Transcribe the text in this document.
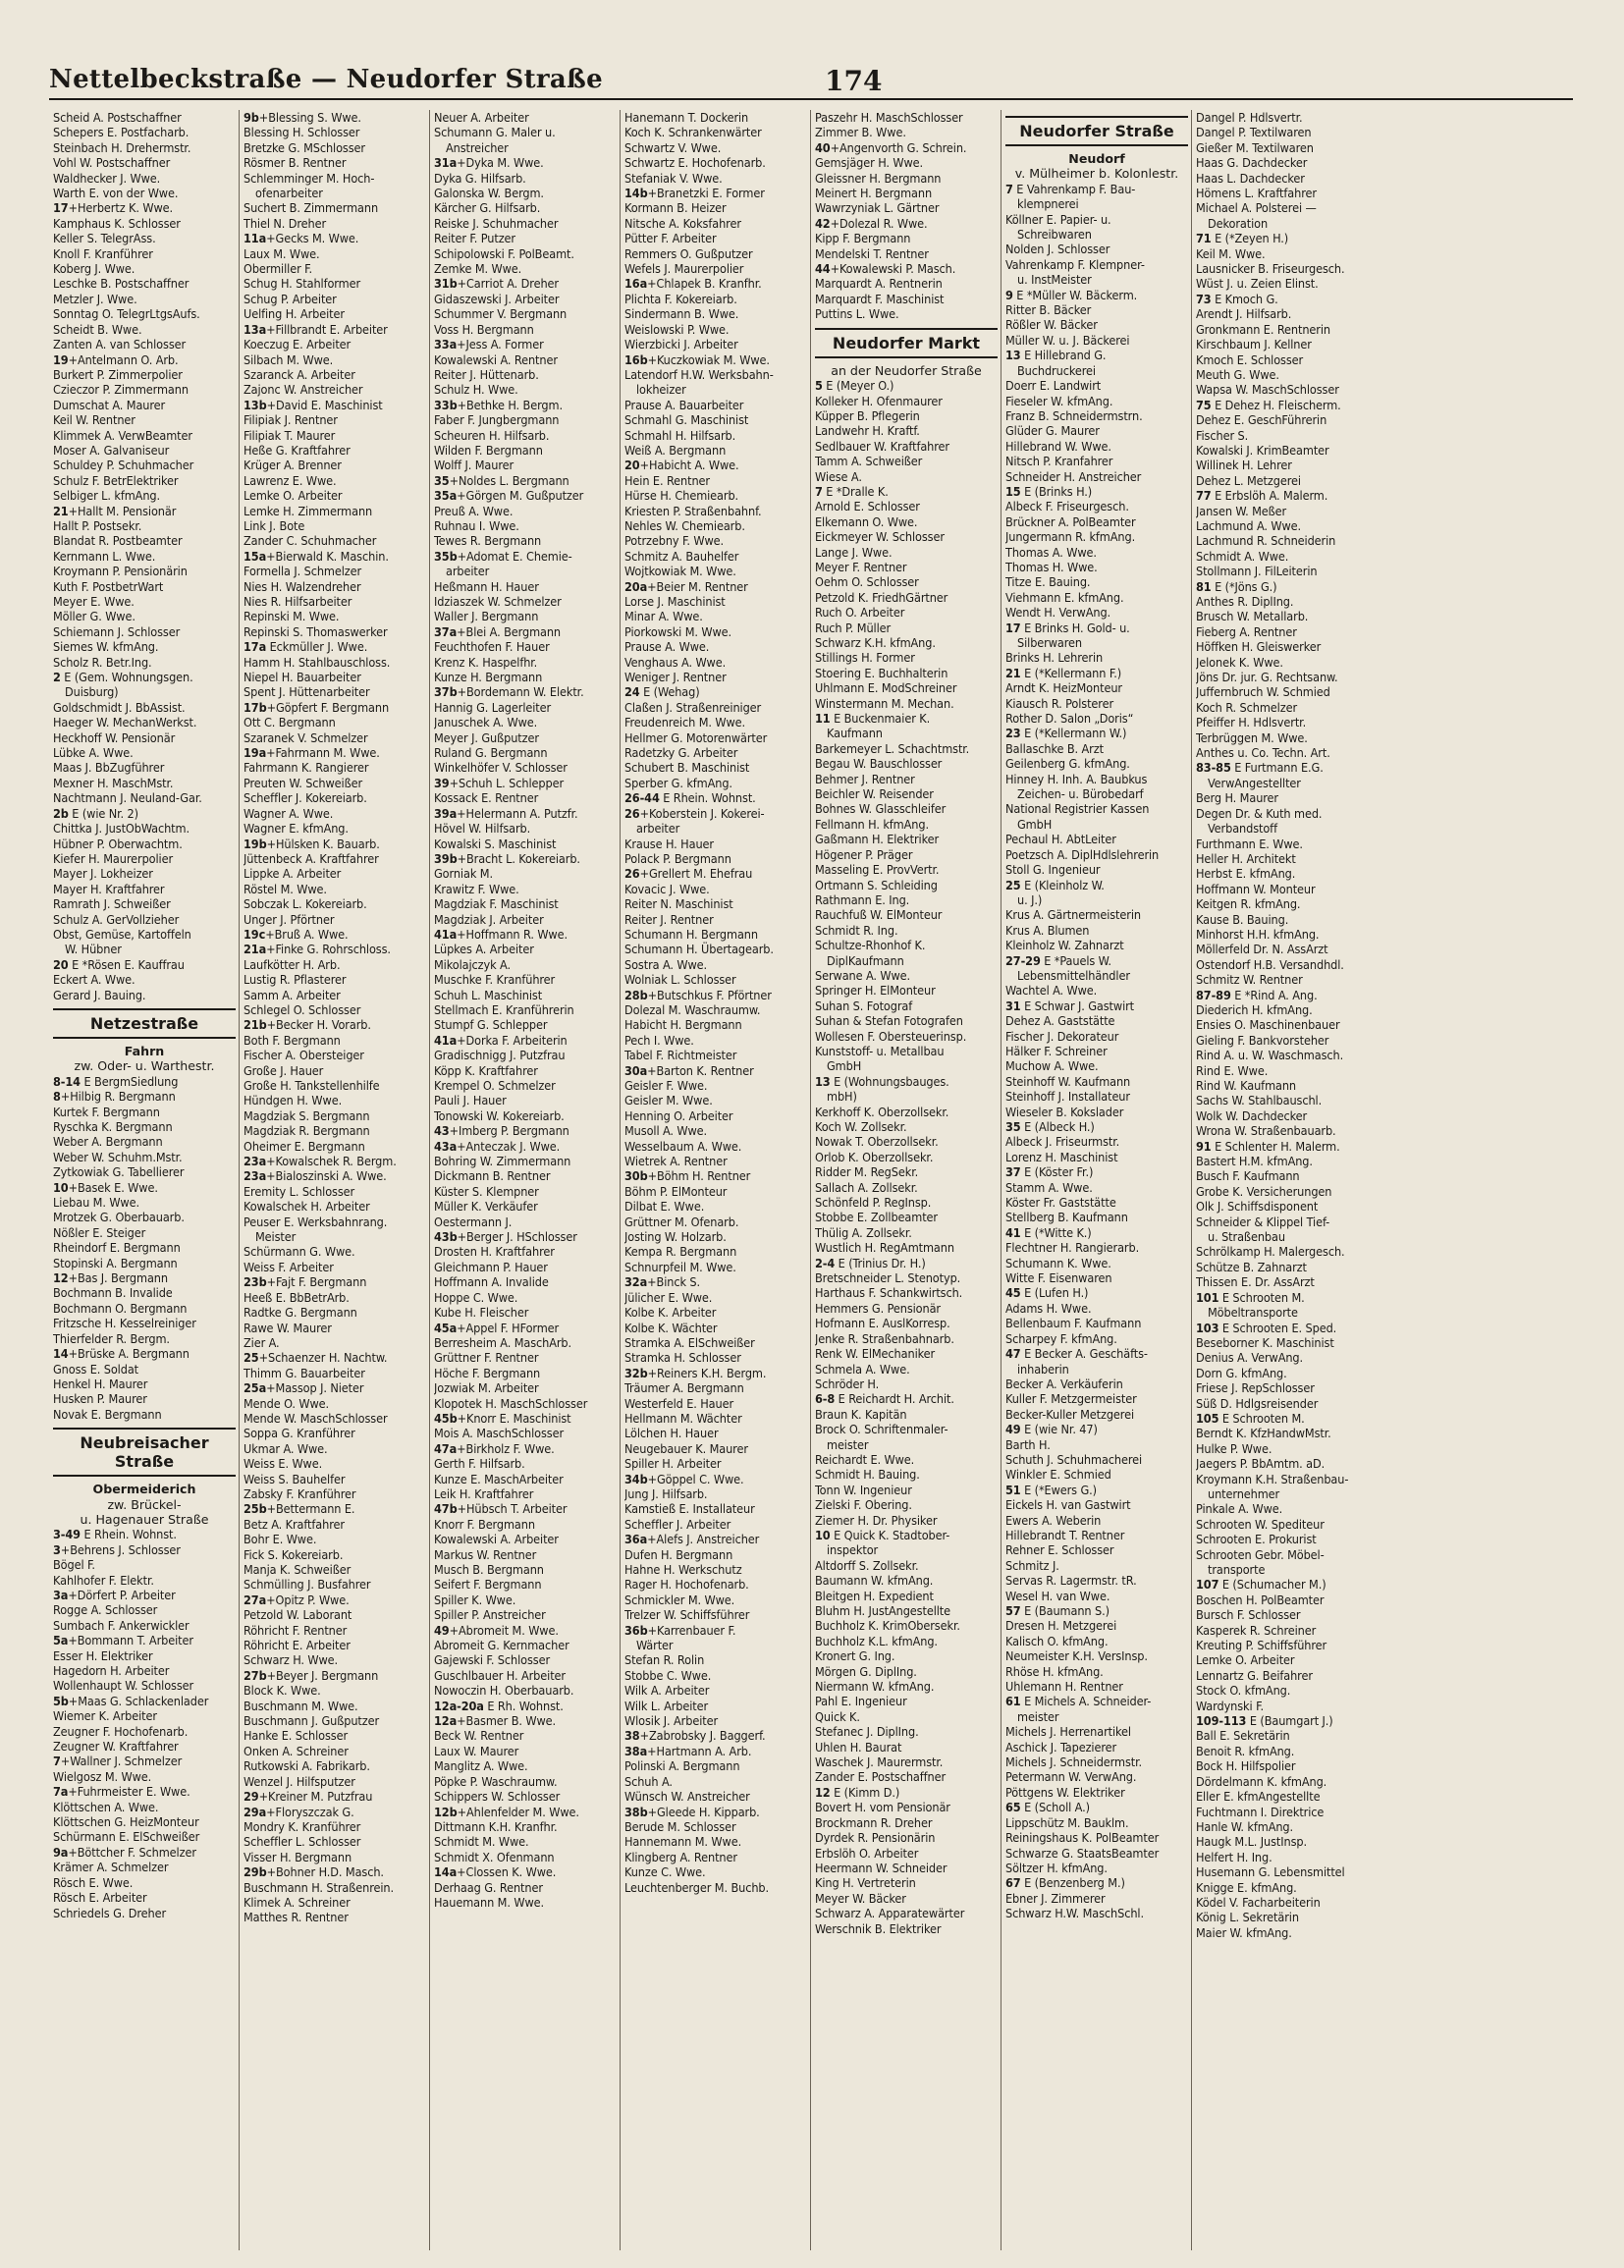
Nettelbeckstraße — Neudorfer Straße	174
Scheid A. Postschaffner
Schepers E. Postfacharb.
Steinbach H. Drehermstr.
Vohl W. Postschaffner
Waldhecker J. Wwe.
Warth E. von der Wwe.
17+Herbertz K. Wwe.
Kamphaus K. Schlosser
Keller S. TelegrAss.
Knoll F. Kranführer
Koberg J. Wwe.
Leschke B. Postschaffner
Metzler J. Wwe.
Sonntag O. TelegrLtgsAufs.
Scheidt B. Wwe.
Zanten A. van Schlosser
19+Antelmann O. Arb.
Burkert P. Zimmerpolier
Czieczor P. Zimmermann
Dumschat A. Maurer
Keil W. Rentner
Klimmek A. VerwBeamter
Moser A. Galvaniseur
Schuldey P. Schuhmacher
Schulz F. BetrElektriker
Selbiger L. kfmAng.
21+Hallt M. Pensionär
Hallt P. Postsekr.
Blandat R. Postbeamter
Kernmann L. Wwe.
Kroymann P. Pensionärin
Kuth F. PostbetrWart
Meyer E. Wwe.
Möller G. Wwe.
Schiemann J. Schlosser
Siemes W. kfmAng.
Scholz R. Betr.Ing.
2 E (Gem. Wohnungsgen.
Duisburg)
Goldschmidt J. BbAssist.
Haeger W. MechanWerkst.
Heckhoff W. Pensionär
Lübke A. Wwe.
Maas J. BbZugführer
Mexner H. MaschMstr.
Nachtmann J. Neuland-Gar.
2b E (wie Nr. 2)
Chittka J. JustObWachtm.
Hübner P. Oberwachtm.
Kiefer H. Maurerpolier
Mayer J. Lokheizer
Mayer H. Kraftfahrer
Ramrath J. Schweißer
Schulz A. GerVollzieher
Obst, Gemüse, Kartoffeln
W. Hübner
20 E *Rösen E. Kauffrau
Eckert A. Wwe.
Gerard J. Bauing.
Netzestraße
Fahrn
zw. Oder- u. Warthestr.
8-14 E BergmSiedlung
8+Hilbig R. Bergmann
Kurtek F. Bergmann
Ryschka K. Bergmann
Weber A. Bergmann
Weber W. Schuhm.Mstr.
Zytkowiak G. Tabellierer
10+Basek E. Wwe.
Liebau M. Wwe.
Mrotzek G. Oberbauarb.
Nößler E. Steiger
Rheindorf E. Bergmann
Stopinski A. Bergmann
12+Bas J. Bergmann
Bochmann B. Invalide
Bochmann O. Bergmann
Fritzsche H. Kesselreiniger
Thierfelder R. Bergm.
14+Brüske A. Bergmann
Gnoss E. Soldat
Henkel H. Maurer
Husken P. Maurer
Novak E. Bergmann
Neubreisacher Straße
Obermeiderich
zw. Brückel-
u. Hagenauer Straße
3-49 E Rhein. Wohnst.
3+Behrens J. Schlosser
Bögel F.
Kahlhofer F. Elektr.
3a+Dörfert P. Arbeiter
Rogge A. Schlosser
Sumbach F. Ankerwickler
5a+Bommann T. Arbeiter
Esser H. Elektriker
Hagedorn H. Arbeiter
Wollenhaupt W. Schlosser
5b+Maas G. Schlackenlader
Wiemer K. Arbeiter
Zeugner F. Hochofenarb.
Zeugner W. Kraftfahrer
7+Wallner J. Schmelzer
Wielgosz M. Wwe.
7a+Fuhrmeister E. Wwe.
Klöttschen A. Wwe.
Klöttschen G. HeizMonteur
Schürmann E. ElSchweißer
9a+Böttcher F. Schmelzer
Krämer A. Schmelzer
Rösch E. Wwe.
Rösch E. Arbeiter
Schriedels G. Dreher
9b+Blessing S. Wwe.
Blessing H. Schlosser
Bretzke G. MSchlosser
Rösmer B. Rentner
Schlemminger M. Hoch-
ofenarbeiter
Suchert B. Zimmermann
Thiel N. Dreher
11a+Gecks M. Wwe.
Laux M. Wwe.
Obermiller F.
Schug H. Stahlformer
Schug P. Arbeiter
Uelfing H. Arbeiter
13a+Fillbrandt E. Arbeiter
Koeczug E. Arbeiter
Silbach M. Wwe.
Szaranck A. Arbeiter
Zajonc W. Anstreicher
13b+David E. Maschinist
Filipiak J. Rentner
Filipiak T. Maurer
Heße G. Kraftfahrer
Krüger A. Brenner
Lawrenz E. Wwe.
Lemke O. Arbeiter
Lemke H. Zimmermann
Link J. Bote
Zander C. Schuhmacher
15a+Bierwald K. Maschin.
Formella J. Schmelzer
Nies H. Walzendreher
Nies R. Hilfsarbeiter
Repinski M. Wwe.
Repinski S. Thomaswerker
17a Eckmüller J. Wwe.
Hamm H. Stahlbauschloss.
Niepel H. Bauarbeiter
Spent J. Hüttenarbeiter
17b+Göpfert F. Bergmann
Ott C. Bergmann
Szaranek V. Schmelzer
19a+Fahrmann M. Wwe.
Fahrmann K. Rangierer
Preuten W. Schweißer
Scheffler J. Kokereiarb.
Wagner A. Wwe.
Wagner E. kfmAng.
19b+Hülsken K. Bauarb.
Jüttenbeck A. Kraftfahrer
Lippke A. Arbeiter
Röstel M. Wwe.
Sobczak L. Kokereiarb.
Unger J. Pförtner
19c+Bruß A. Wwe.
21a+Finke G. Rohrschloss.
Laufkötter H. Arb.
Lustig R. Pflasterer
Samm A. Arbeiter
Schlegel O. Schlosser
21b+Becker H. Vorarb.
Both F. Bergmann
Fischer A. Obersteiger
Große J. Hauer
Große H. Tankstellenhilfe
Hündgen H. Wwe.
Magdziak S. Bergmann
Magdziak R. Bergmann
Oheimer E. Bergmann
23a+Kowalschek R. Bergm.
23a+Bialoszinski A. Wwe.
Eremity L. Schlosser
Kowalschek H. Arbeiter
Peuser E. Werksbahnrang.
Meister
Schürmann G. Wwe.
Weiss F. Arbeiter
23b+Fajt F. Bergmann
Heeß E. BbBetrArb.
Radtke G. Bergmann
Rawe W. Maurer
Zier A.
25+Schaenzer H. Nachtw.
Thimm G. Bauarbeiter
25a+Massop J. Nieter
Mende O. Wwe.
Mende W. MaschSchlosser
Soppa G. Kranführer
Ukmar A. Wwe.
Weiss E. Wwe.
Weiss S. Bauhelfer
Zabsky F. Kranführer
25b+Bettermann E.
Betz A. Kraftfahrer
Bohr E. Wwe.
Fick S. Kokereiarb.
Manja K. Schweißer
Schmülling J. Busfahrer
27a+Opitz P. Wwe.
Petzold W. Laborant
Röhricht F. Rentner
Röhricht E. Arbeiter
Schwarz H. Wwe.
27b+Beyer J. Bergmann
Block K. Wwe.
Buschmann M. Wwe.
Buschmann J. Gußputzer
Hanke E. Schlosser
Onken A. Schreiner
Rutkowski A. Fabrikarb.
Wenzel J. Hilfsputzer
29+Kreiner M. Putzfrau
29a+Floryszczak G.
Mondry K. Kranführer
Scheffler L. Schlosser
Visser H. Bergmann
29b+Bohner H.D. Masch.
Buschmann H. Straßenrein.
Klimek A. Schreiner
Matthes R. Rentner
Neuer A. Arbeiter
Schumann G. Maler u.
Anstreicher
31a+Dyka M. Wwe.
Dyka G. Hilfsarb.
Galonska W. Bergm.
Kärcher G. Hilfsarb.
Reiske J. Schuhmacher
Reiter F. Putzer
Schipolowski F. PolBeamt.
Zemke M. Wwe.
31b+Carriot A. Dreher
Gidaszewski J. Arbeiter
Schummer V. Bergmann
Voss H. Bergmann
33a+Jess A. Former
Kowalewski A. Rentner
Reiter J. Hüttenarb.
Schulz H. Wwe.
33b+Bethke H. Bergm.
Faber F. Jungbergmann
Scheuren H. Hilfsarb.
Wilden F. Bergmann
Wolff J. Maurer
35+Noldes L. Bergmann
35a+Görgen M. Gußputzer
Preuß A. Wwe.
Ruhnau I. Wwe.
Tewes R. Bergmann
35b+Adomat E. Chemie-
arbeiter
Heßmann H. Hauer
Idziaszek W. Schmelzer
Waller J. Bergmann
37a+Blei A. Bergmann
Feuchthofen F. Hauer
Krenz K. Haspelfhr.
Kunze H. Bergmann
37b+Bordemann W. Elektr.
Hannig G. Lagerleiter
Januschek A. Wwe.
Meyer J. Gußputzer
Ruland G. Bergmann
Winkelhöfer V. Schlosser
39+Schuh L. Schlepper
Kossack E. Rentner
39a+Helermann A. Putzfr.
Hövel W. Hilfsarb.
Kowalski S. Maschinist
39b+Bracht L. Kokereiarb.
Gorniak M.
Krawitz F. Wwe.
Magdziak F. Maschinist
Magdziak J. Arbeiter
41a+Hoffmann R. Wwe.
Lüpkes A. Arbeiter
Mikolajczyk A.
Muschke F. Kranführer
Schuh L. Maschinist
Stellmach E. Kranführerin
Stumpf G. Schlepper
41a+Dorka F. Arbeiterin
Gradischnigg J. Putzfrau
Köpp K. Kraftfahrer
Krempel O. Schmelzer
Pauli J. Hauer
Tonowski W. Kokereiarb.
43+Imberg P. Bergmann
43a+Anteczak J. Wwe.
Bohring W. Zimmermann
Dickmann B. Rentner
Küster S. Klempner
Müller K. Verkäufer
Oestermann J.
43b+Berger J. HSchlosser
Drosten H. Kraftfahrer
Gleichmann P. Hauer
Hoffmann A. Invalide
Hoppe C. Wwe.
Kube H. Fleischer
45a+Appel F. HFormer
Berresheim A. MaschArb.
Grüttner F. Rentner
Höche F. Bergmann
Jozwiak M. Arbeiter
Klopotek H. MaschSchlosser
45b+Knorr E. Maschinist
Mois A. MaschSchlosser
47a+Birkholz F. Wwe.
Gerth F. Hilfsarb.
Kunze E. MaschArbeiter
Leik H. Kraftfahrer
47b+Hübsch T. Arbeiter
Knorr F. Bergmann
Kowalewski A. Arbeiter
Markus W. Rentner
Musch B. Bergmann
Seifert F. Bergmann
Spiller K. Wwe.
Spiller P. Anstreicher
49+Abromeit M. Wwe.
Abromeit G. Kernmacher
Gajewski F. Schlosser
Guschlbauer H. Arbeiter
Nowoczin H. Oberbauarb.
12a-20a E Rh. Wohnst.
12a+Basmer B. Wwe.
Beck W. Rentner
Laux W. Maurer
Manglitz A. Wwe.
Pöpke P. Waschraumw.
Schippers W. Schlosser
12b+Ahlenfelder M. Wwe.
Dittmann K.H. Kranfhr.
Schmidt M. Wwe.
Schmidt X. Ofenmann
14a+Clossen K. Wwe.
Derhaag G. Rentner
Hauemann M. Wwe.
Hanemann T. Dockerin
Koch K. Schrankenwärter
Schwartz V. Wwe.
Schwartz E. Hochofenarb.
Stefaniak V. Wwe.
14b+Branetzki E. Former
Kormann B. Heizer
Nitsche A. Koksfahrer
Pütter F. Arbeiter
Remmers O. Gußputzer
Wefels J. Maurerpolier
16a+Chlapek B. Kranfhr.
Plichta F. Kokereiarb.
Sindermann B. Wwe.
Weislowski P. Wwe.
Wierzbicki J. Arbeiter
16b+Kuczkowiak M. Wwe.
Latendorf H.W. Werksbahn-
lokheizer
Prause A. Bauarbeiter
Schmahl G. Maschinist
Schmahl H. Hilfsarb.
Weiß A. Bergmann
20+Habicht A. Wwe.
Hein E. Rentner
Hürse H. Chemiearb.
Kriesten P. Straßenbahnf.
Nehles W. Chemiearb.
Potrzebny F. Wwe.
Schmitz A. Bauhelfer
Wojtkowiak M. Wwe.
20a+Beier M. Rentner
Lorse J. Maschinist
Minar A. Wwe.
Piorkowski M. Wwe.
Prause A. Wwe.
Venghaus A. Wwe.
Weniger J. Rentner
24 E (Wehag)
Claßen J. Straßenreiniger
Freudenreich M. Wwe.
Hellmer G. Motorenwärter
Radetzky G. Arbeiter
Schubert B. Maschinist
Sperber G. kfmAng.
26-44 E Rhein. Wohnst.
26+Koberstein J. Kokerei-
arbeiter
Krause H. Hauer
Polack P. Bergmann
26+Grellert M. Ehefrau
Kovacic J. Wwe.
Reiter N. Maschinist
Reiter J. Rentner
Schumann H. Bergmann
Schumann H. Übertagearb.
Sostra A. Wwe.
Wolniak L. Schlosser
28b+Butschkus F. Pförtner
Dolezal M. Waschraumw.
Habicht H. Bergmann
Pech I. Wwe.
Tabel F. Richtmeister
30a+Barton K. Rentner
Geisler F. Wwe.
Geisler M. Wwe.
Henning O. Arbeiter
Musoll A. Wwe.
Wesselbaum A. Wwe.
Wietrek A. Rentner
30b+Böhm H. Rentner
Böhm P. ElMonteur
Dilbat E. Wwe.
Grüttner M. Ofenarb.
Josting W. Holzarb.
Kempa R. Bergmann
Schnurpfeil M. Wwe.
32a+Binck S.
Jülicher E. Wwe.
Kolbe K. Arbeiter
Kolbe K. Wächter
Stramka A. ElSchweißer
Stramka H. Schlosser
32b+Reiners K.H. Bergm.
Träumer A. Bergmann
Westerfeld E. Hauer
Hellmann M. Wächter
Lölchen H. Hauer
Neugebauer K. Maurer
Spiller H. Arbeiter
34b+Göppel C. Wwe.
Jung J. Hilfsarb.
Kamstieß E. Installateur
Scheffler J. Arbeiter
36a+Alefs J. Anstreicher
Dufen H. Bergmann
Hahne H. Werkschutz
Rager H. Hochofenarb.
Schmickler M. Wwe.
Trelzer W. Schiffsführer
36b+Karrenbauer F.
Wärter
Stefan R. Rolin
Stobbe C. Wwe.
Wilk A. Arbeiter
Wilk L. Arbeiter
Wlosik J. Arbeiter
38+Zabrobsky J. Baggerf.
38a+Hartmann A. Arb.
Polinski A. Bergmann
Schuh A.
Wünsch W. Anstreicher
38b+Gleede H. Kipparb.
Berude M. Schlosser
Hannemann M. Wwe.
Klingberg A. Rentner
Kunze C. Wwe.
Leuchtenberger M. Buchb.
Paszehr H. MaschSchlosser
Zimmer B. Wwe.
40+Angenvorth G. Schrein.
Gemsjäger H. Wwe.
Gleissner H. Bergmann
Meinert H. Bergmann
Wawrzyniak L. Gärtner
42+Dolezal R. Wwe.
Kipp F. Bergmann
Mendelski T. Rentner
44+Kowalewski P. Masch.
Marquardt A. Rentnerin
Marquardt F. Maschinist
Puttins L. Wwe.
Neudorfer Markt
an der Neudorfer Straße
5 E (Meyer O.)
Kolleker H. Ofenmaurer
Küpper B. Pflegerin
Landwehr H. Kraftf.
Sedlbauer W. Kraftfahrer
Tamm A. Schweißer
Wiese A.
7 E *Dralle K.
Arnold E. Schlosser
Elkemann O. Wwe.
Eickmeyer W. Schlosser
Lange J. Wwe.
Meyer F. Rentner
Oehm O. Schlosser
Petzold K. FriedhGärtner
Ruch O. Arbeiter
Ruch P. Müller
Schwarz K.H. kfmAng.
Stillings H. Former
Stoering E. Buchhalterin
Uhlmann E. ModSchreiner
Winstermann M. Mechan.
11 E Buckenmaier K.
Kaufmann
Barkemeyer L. Schachtmstr.
Begau W. Bauschlosser
Behmer J. Rentner
Beichler W. Reisender
Bohnes W. Glasschleifer
Fellmann H. kfmAng.
Gaßmann H. Elektriker
Högener P. Präger
Masseling E. ProvVertr.
Ortmann S. Schleiding
Rathmann E. Ing.
Rauchfuß W. ElMonteur
Schmidt R. Ing.
Schultze-Rhonhof K.
DiplKaufmann
Serwane A. Wwe.
Springer H. ElMonteur
Suhan S. Fotograf
Suhan & Stefan Fotografen
Wollesen F. Obersteuerinsp.
Kunststoff- u. Metallbau
GmbH
13 E (Wohnungsbauges.
mbH)
Kerkhoff K. Oberzollsekr.
Koch W. Zollsekr.
Nowak T. Oberzollsekr.
Orlob K. Oberzollsekr.
Ridder M. RegSekr.
Sallach A. Zollsekr.
Schönfeld P. RegInsp.
Stobbe E. Zollbeamter
Thülig A. Zollsekr.
Wustlich H. RegAmtmann
2-4 E (Trinius Dr. H.)
Bretschneider L. Stenotyp.
Harthaus F. Schankwirtsch.
Hemmers G. Pensionär
Hofmann E. AuslKorresp.
Jenke R. Straßenbahnarb.
Renk W. ElMechaniker
Schmela A. Wwe.
Schröder H.
6-8 E Reichardt H. Archit.
Braun K. Kapitän
Brock O. Schriftenmaler-
meister
Reichardt E. Wwe.
Schmidt H. Bauing.
Tonn W. Ingenieur
Zielski F. Obering.
Ziemer H. Dr. Physiker
10 E Quick K. Stadtober-
inspektor
Altdorff S. Zollsekr.
Baumann W. kfmAng.
Bleitgen H. Expedient
Bluhm H. JustAngestellte
Buchholz K. KrimObersekr.
Buchholz K.L. kfmAng.
Kronert G. Ing.
Mörgen G. DiplIng.
Niermann W. kfmAng.
Pahl E. Ingenieur
Quick K.
Stefanec J. DiplIng.
Uhlen H. Baurat
Waschek J. Maurermstr.
Zander E. Postschaffner
12 E (Kimm D.)
Bovert H. vom Pensionär
Brockmann R. Dreher
Dyrdek R. Pensionärin
Erbslöh O. Arbeiter
Heermann W. Schneider
King H. Vertreterin
Meyer W. Bäcker
Schwarz A. Apparatewärter
Werschnik B. Elektriker
Neudorfer Straße
Neudorf
v. Mülheimer b. Kolonlestr.
7 E Vahrenkamp F. Bau-
klempnerei
Köllner E. Papier- u.
Schreibwaren
Nolden J. Schlosser
Vahrenkamp F. Klempner-
u. InstMeister
9 E *Müller W. Bäckerm.
Ritter B. Bäcker
Rößler W. Bäcker
Müller W. u. J. Bäckerei
13 E Hillebrand G.
Buchdruckerei
Doerr E. Landwirt
Fieseler W. kfmAng.
Franz B. Schneidermstrn.
Glüder G. Maurer
Hillebrand W. Wwe.
Nitsch P. Kranfahrer
Schneider H. Anstreicher
15 E (Brinks H.)
Albeck F. Friseurgesch.
Brückner A. PolBeamter
Jungermann R. kfmAng.
Thomas A. Wwe.
Thomas H. Wwe.
Titze E. Bauing.
Viehmann E. kfmAng.
Wendt H. VerwAng.
17 E Brinks H. Gold- u.
Silberwaren
Brinks H. Lehrerin
21 E (*Kellermann F.)
Arndt K. HeizMonteur
Kiausch R. Polsterer
Rother D. Salon „Doris“
23 E (*Kellermann W.)
Ballaschke B. Arzt
Geilenberg G. kfmAng.
Hinney H. Inh. A. Baubkus
Zeichen- u. Bürobedarf
National Registrier Kassen
GmbH
Pechaul H. AbtLeiter
Poetzsch A. DiplHdlslehrerin
Stoll G. Ingenieur
25 E (Kleinholz W.
u. J.)
Krus A. Gärtnermeisterin
Krus A. Blumen
Kleinholz W. Zahnarzt
27-29 E *Pauels W.
Lebensmittelhändler
Wachtel A. Wwe.
31 E Schwar J. Gastwirt
Dehez A. Gaststätte
Fischer J. Dekorateur
Hälker F. Schreiner
Muchow A. Wwe.
Steinhoff W. Kaufmann
Steinhoff J. Installateur
Wieseler B. Kokslader
35 E (Albeck H.)
Albeck J. Friseurmstr.
Lorenz H. Maschinist
37 E (Köster Fr.)
Stamm A. Wwe.
Köster Fr. Gaststätte
Stellberg B. Kaufmann
41 E (*Witte K.)
Flechtner H. Rangierarb.
Schumann K. Wwe.
Witte F. Eisenwaren
45 E (Lufen H.)
Adams H. Wwe.
Bellenbaum F. Kaufmann
Scharpey F. kfmAng.
47 E Becker A. Geschäfts-
inhaberin
Becker A. Verkäuferin
Kuller F. Metzgermeister
Becker-Kuller Metzgerei
49 E (wie Nr. 47)
Barth H.
Schuth J. Schuhmacherei
Winkler E. Schmied
51 E (*Ewers G.)
Eickels H. van Gastwirt
Ewers A. Weberin
Hillebrandt T. Rentner
Rehner E. Schlosser
Schmitz J.
Servas R. Lagermstr. tR.
Wesel H. van Wwe.
57 E (Baumann S.)
Dresen H. Metzgerei
Kalisch O. kfmAng.
Neumeister K.H. VersInsp.
Rhöse H. kfmAng.
Uhlemann H. Rentner
61 E Michels A. Schneider-
meister
Michels J. Herrenartikel
Aschick J. Tapezierer
Michels J. Schneidermstr.
Petermann W. VerwAng.
Pöttgens W. Elektriker
65 E (Scholl A.)
Lippschütz M. Bauklm.
Reiningshaus K. PolBeamter
Schwarze G. StaatsBeamter
Söltzer H. kfmAng.
67 E (Benzenberg M.)
Ebner J. Zimmerer
Schwarz H.W. MaschSchl.
Dangel P. Hdlsvertr.
Dangel P. Textilwaren
Gießer M. Textilwaren
Haas G. Dachdecker
Haas L. Dachdecker
Hömens L. Kraftfahrer
Michael A. Polsterei —
Dekoration
71 E (*Zeyen H.)
Keil M. Wwe.
Lausnicker B. Friseurgesch.
Wüst J. u. Zeien Elinst.
73 E Kmoch G.
Arendt J. Hilfsarb.
Gronkmann E. Rentnerin
Kirschbaum J. Kellner
Kmoch E. Schlosser
Meuth G. Wwe.
Wapsa W. MaschSchlosser
75 E Dehez H. Fleischerm.
Dehez E. GeschFührerin
Fischer S.
Kowalski J. KrimBeamter
Willinek H. Lehrer
Dehez L. Metzgerei
77 E Erbslöh A. Malerm.
Jansen W. Meßer
Lachmund A. Wwe.
Lachmund R. Schneiderin
Schmidt A. Wwe.
Stollmann J. FilLeiterin
81 E (*Jöns G.)
Anthes R. DiplIng.
Brusch W. Metallarb.
Fieberg A. Rentner
Höffken H. Gleiswerker
Jelonek K. Wwe.
Jöns Dr. jur. G. Rechtsanw.
Juffernbruch W. Schmied
Koch R. Schmelzer
Pfeiffer H. Hdlsvertr.
Terbrüggen M. Wwe.
Anthes u. Co. Techn. Art.
83-85 E Furtmann E.G.
VerwAngestellter
Berg H. Maurer
Degen Dr. & Kuth med.
Verbandstoff
Furthmann E. Wwe.
Heller H. Architekt
Herbst E. kfmAng.
Hoffmann W. Monteur
Keitgen R. kfmAng.
Kause B. Bauing.
Minhorst H.H. kfmAng.
Möllerfeld Dr. N. AssArzt
Ostendorf H.B. Versandhdl.
Schmitz W. Rentner
87-89 E *Rind A. Ang.
Diederich H. kfmAng.
Ensies O. Maschinenbauer
Gieling F. Bankvorsteher
Rind A. u. W. Waschmasch.
Rind E. Wwe.
Rind W. Kaufmann
Sachs W. Stahlbauschl.
Wolk W. Dachdecker
Wrona W. Straßenbauarb.
91 E Schlenter H. Malerm.
Bastert H.M. kfmAng.
Busch F. Kaufmann
Grobe K. Versicherungen
Olk J. Schiffsdisponent
Schneider & Klippel Tief-
u. Straßenbau
Schrölkamp H. Malergesch.
Schütze B. Zahnarzt
Thissen E. Dr. AssArzt
101 E Schrooten M.
Möbeltransporte
103 E Schrooten E. Sped.
Beseborner K. Maschinist
Denius A. VerwAng.
Dorn G. kfmAng.
Friese J. RepSchlosser
Süß D. Hdlgsreisender
105 E Schrooten M.
Berndt K. KfzHandwMstr.
Hulke P. Wwe.
Jaegers P. BbAmtm. aD.
Kroymann K.H. Straßenbau-
unternehmer
Pinkale A. Wwe.
Schrooten W. Spediteur
Schrooten E. Prokurist
Schrooten Gebr. Möbel-
transporte
107 E (Schumacher M.)
Boschen H. PolBeamter
Bursch F. Schlosser
Kasperek R. Schreiner
Kreuting P. Schiffsführer
Lemke O. Arbeiter
Lennartz G. Beifahrer
Stock O. kfmAng.
Wardynski F.
109-113 E (Baumgart J.)
Ball E. Sekretärin
Benoit R. kfmAng.
Bock H. Hilfspolier
Dördelmann K. kfmAng.
Eller E. kfmAngestellte
Fuchtmann I. Direktrice
Hanle W. kfmAng.
Haugk M.L. JustInsp.
Helfert H. Ing.
Husemann G. Lebensmittel
Knigge E. kfmAng.
Ködel V. Facharbeiterin
König L. Sekretärin
Maier W. kfmAng.
